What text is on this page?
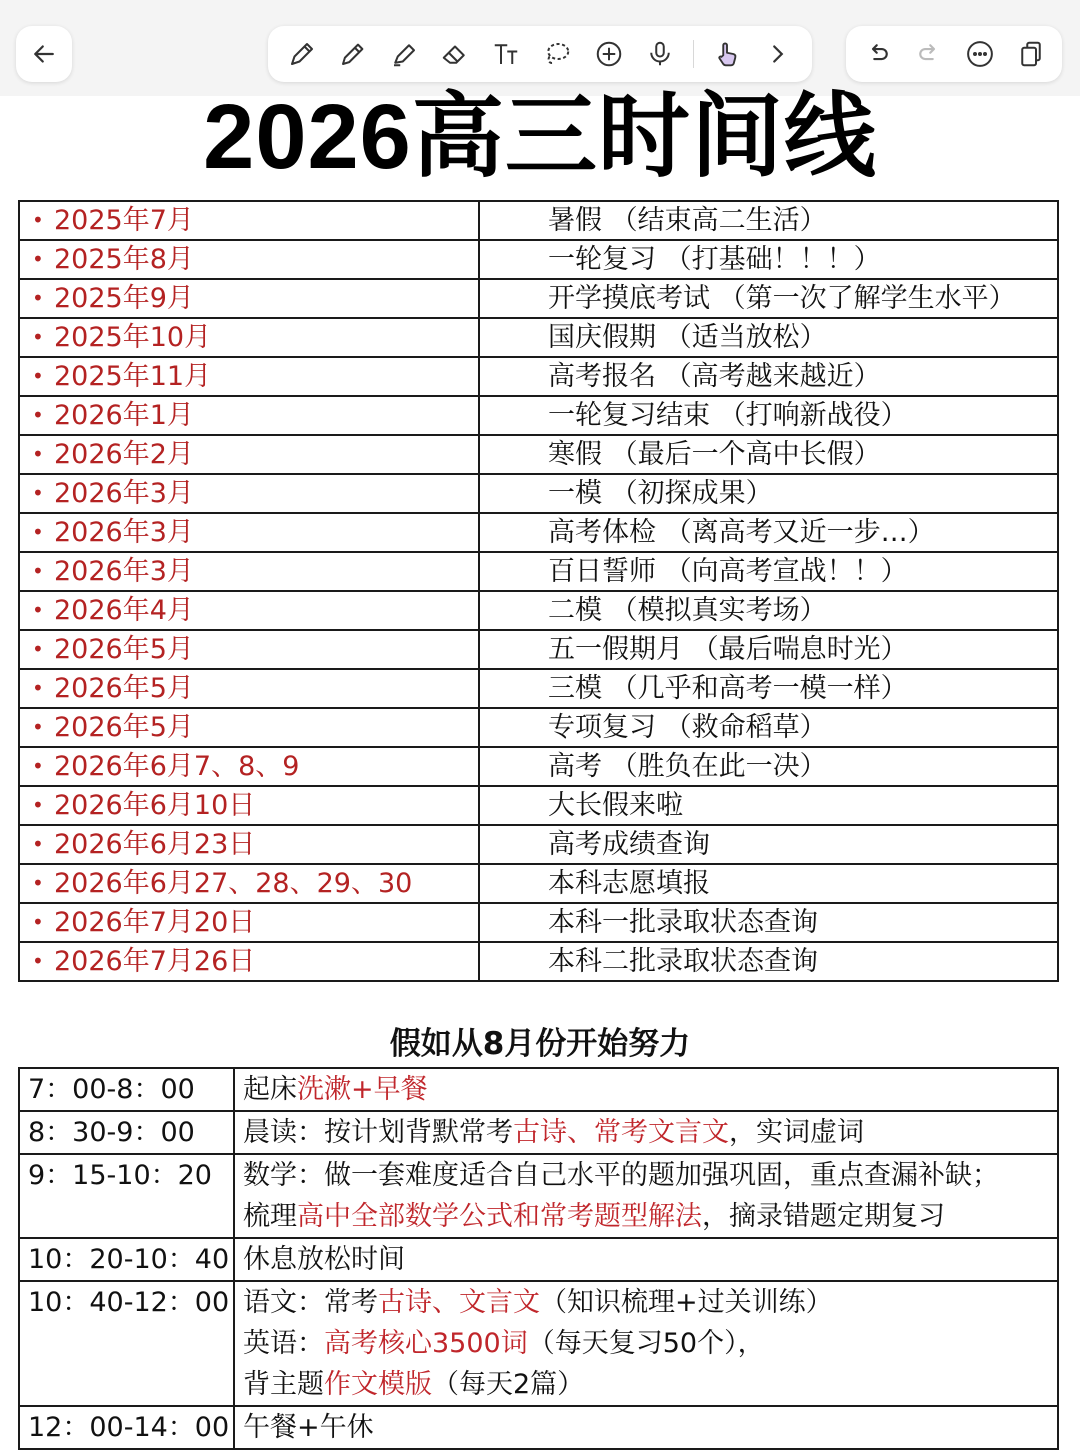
2026高三时间线
• 2025年7月	暑假 （结束高二生活）
• 2025年8月	一轮复习 （打基础！！！）
• 2025年9月	开学摸底考试 （第一次了解学生水平）
• 2025年10月	国庆假期 （适当放松）
• 2025年11月	高考报名 （高考越来越近）
• 2026年1月	一轮复习结束 （打响新战役）
• 2026年2月	寒假 （最后一个高中长假）
• 2026年3月	一模 （初探成果）
• 2026年3月	高考体检 （离高考又近一步…）
• 2026年3月	百日誓师 （向高考宣战！！）
• 2026年4月	二模 （模拟真实考场）
• 2026年5月	五一假期月 （最后喘息时光）
• 2026年5月	三模 （几乎和高考一模一样）
• 2026年5月	专项复习 （救命稻草）
• 2026年6月7、8、9	高考 （胜负在此一决）
• 2026年6月10日	大长假来啦
• 2026年6月23日	高考成绩查询
• 2026年6月27、28、29、30	本科志愿填报
• 2026年7月20日	本科一批录取状态查询
• 2026年7月26日	本科二批录取状态查询
假如从8月份开始努力
7：00-8：00	起床洗漱+早餐

8：30-9：00	晨读：按计划背默常考古诗、常考文言文，实词虚词

9：15-10：20	数学：做一套难度适合自己水平的题加强巩固，重点查漏补缺；
梳理高中全部数学公式和常考题型解法，摘录错题定期复习

10：20-10：40	休息放松时间

10：40-12：00	语文：常考古诗、文言文（知识梳理+过关训练）
英语：高考核心3500词（每天复习50个），
背主题作文模版（每天2篇）

12：00-14：00	午餐+午休
